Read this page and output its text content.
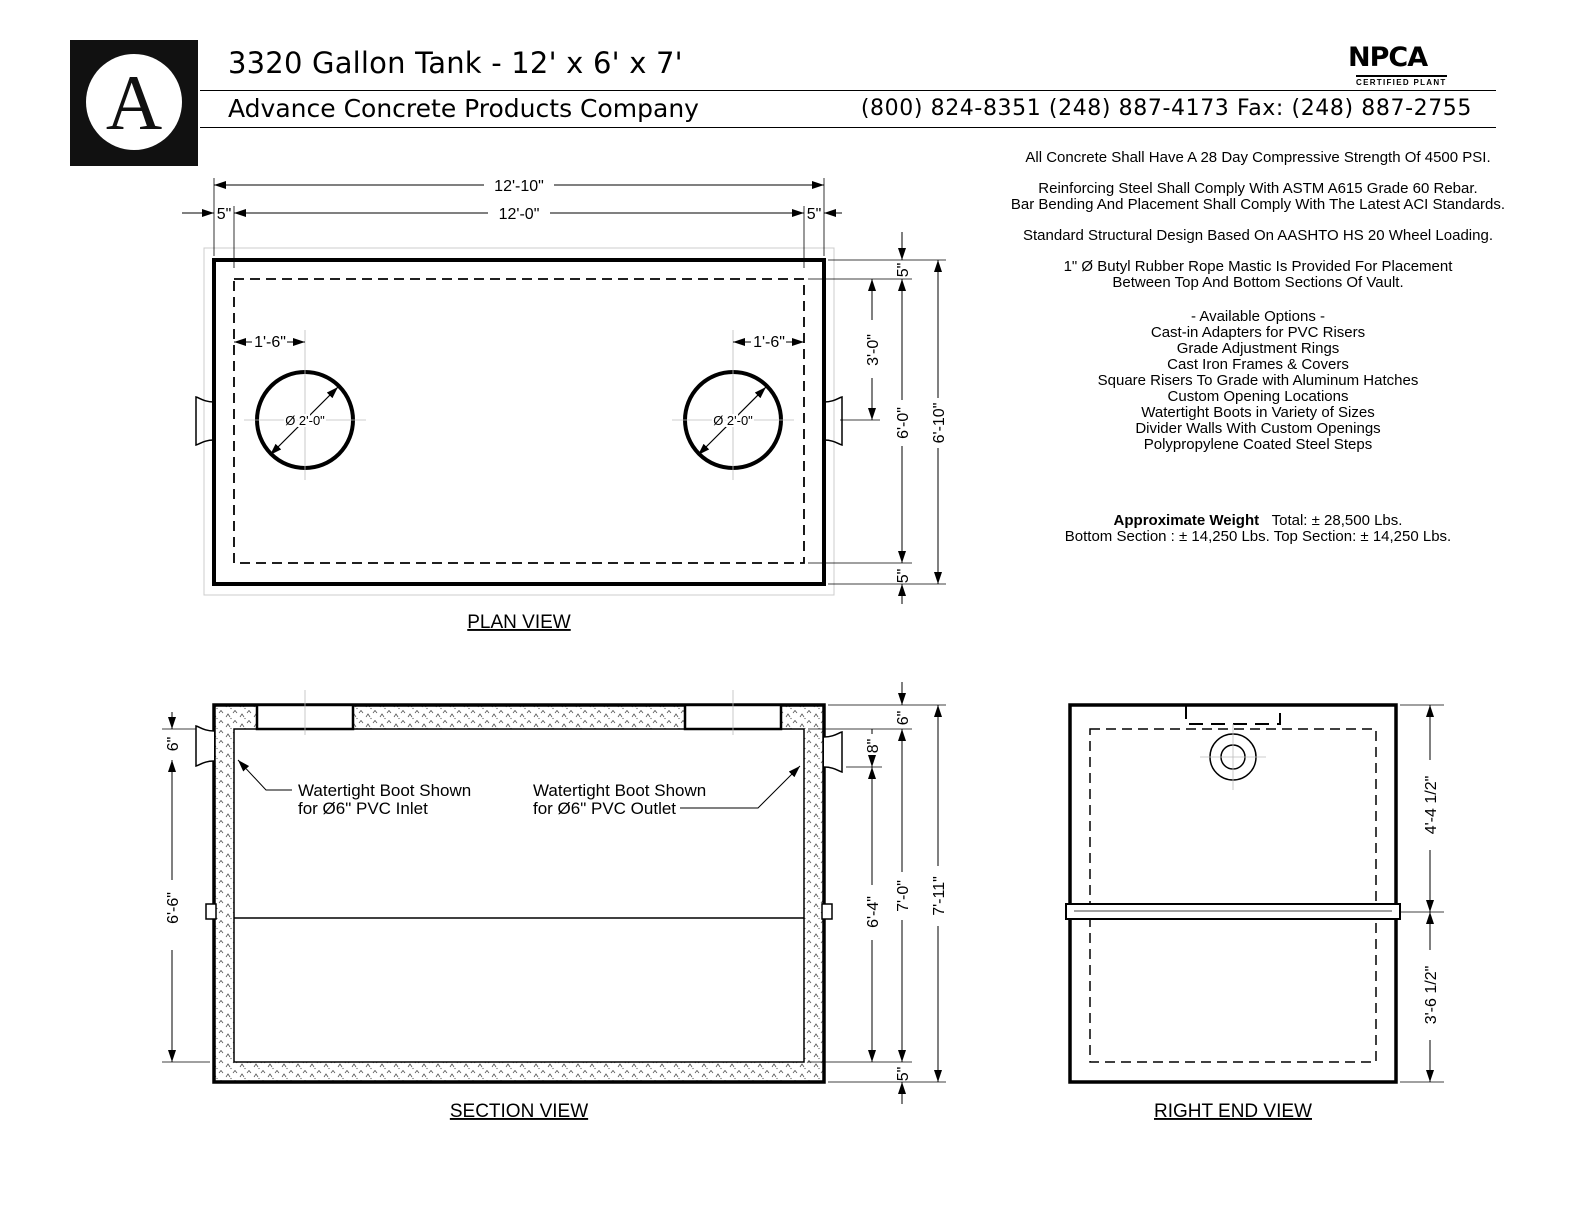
A	3320 Gallon Tank - 12' x 6' x 7'
Advance Concrete Products Company	(800) 824-8351 (248) 887-4173 Fax: (248) 887-2755
NPCA
CERTIFIED PLANT

All Concrete Shall Have A 28 Day Compressive Strength Of 4500 PSI.

Reinforcing Steel Shall Comply With ASTM A615 Grade 60 Rebar.

Bar Bending And Placement Shall Comply With The Latest ACI Standards.

Standard Structural Design Based On AASHTO HS 20 Wheel Loading.

1" Ø Butyl Rubber Rope Mastic Is Provided For Placement

Between Top And Bottom Sections Of Vault.

- Available Options -
Cast-in Adapters for PVC Risers
Grade Adjustment Rings
Cast Iron Frames & Covers
Square Risers To Grade with Aluminum Hatches
Custom Opening Locations
Watertight Boots in Variety of Sizes
Divider Walls With Custom Openings
Polypropylene Coated Steel Steps
Approximate Weight Total: ± 28,500 Lbs.
Bottom Section : ± 14,250 Lbs. Top Section: ± 14,250 Lbs.
Ø 2'-0"	Ø 2'-0"
12'-10"
12'-0"
5"	5"
1'-6"	1'-6"	3'-0"
5"
6'-0"
5"
6'-10"
PLAN VIEW
Watertight Boot Shown
for Ø6" PVC Inlet
Watertight Boot Shown
for Ø6" PVC Outlet
6"
6'-6"
6"
8"
6'-4"
7'-0"
5"
7'-11"
SECTION VIEW
4'-4 1/2"
3'-6 1/2"
RIGHT END VIEW
